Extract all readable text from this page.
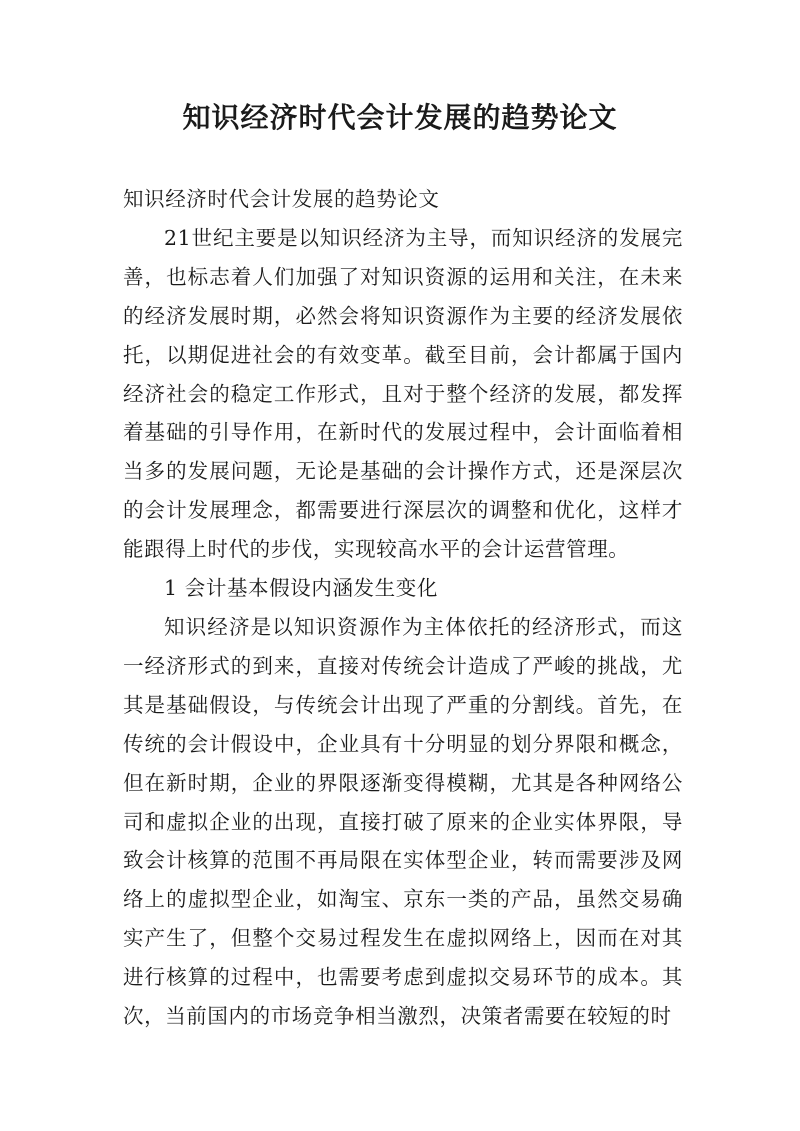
知识经济时代会计发展的趋势论文

知识经济时代会计发展的趋势论文

21世纪主要是以知识经济为主导，而知识经济的发展完善，也标志着人们加强了对知识资源的运用和关注，在未来的经济发展时期，必然会将知识资源作为主要的经济发展依托，以期促进社会的有效变革。截至目前，会计都属于国内经济社会的稳定工作形式，且对于整个经济的发展，都发挥着基础的引导作用，在新时代的发展过程中，会计面临着相当多的发展问题，无论是基础的会计操作方式，还是深层次的会计发展理念，都需要进行深层次的调整和优化，这样才能跟得上时代的步伐，实现较高水平的会计运营管理。

1 会计基本假设内涵发生变化

知识经济是以知识资源作为主体依托的经济形式，而这一经济形式的到来，直接对传统会计造成了严峻的挑战，尤其是基础假设，与传统会计出现了严重的分割线。首先，在传统的会计假设中，企业具有十分明显的划分界限和概念，但在新时期，企业的界限逐渐变得模糊，尤其是各种网络公司和虚拟企业的出现，直接打破了原来的企业实体界限，导致会计核算的范围不再局限在实体型企业，转而需要涉及网络上的虚拟型企业，如淘宝、京东一类的产品，虽然交易确实产生了，但整个交易过程发生在虚拟网络上，因而在对其进行核算的过程中，也需要考虑到虚拟交易环节的成本。其次，当前国内的市场竞争相当激烈，决策者需要在较短的时
